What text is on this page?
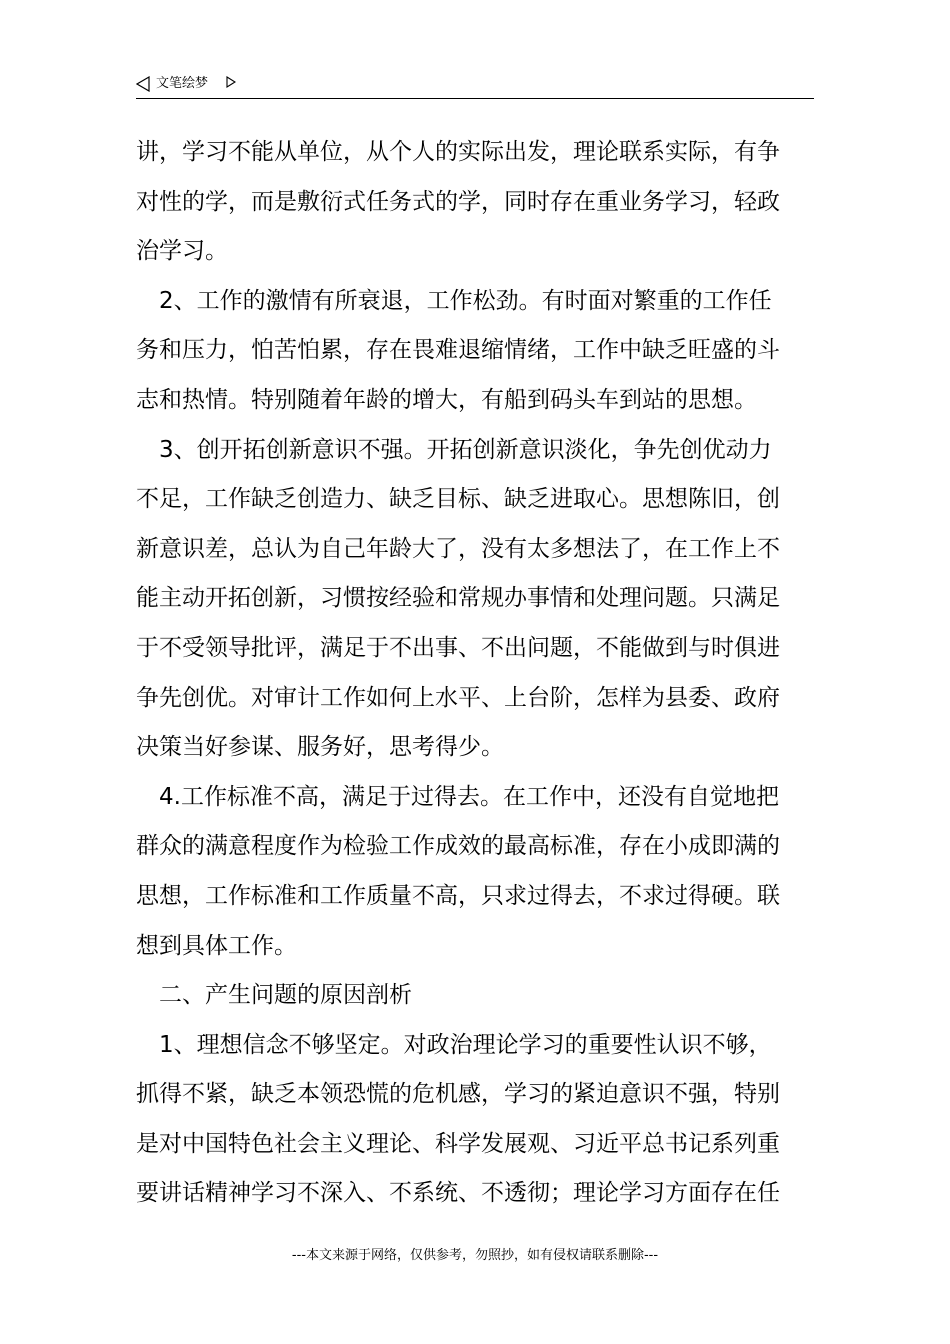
文笔绘梦
讲，学习不能从单位，从个人的实际出发，理论联系实际，有争
对性的学，而是敷衍式任务式的学，同时存在重业务学习，轻政
治学习。
　2、工作的激情有所衰退，工作松劲。有时面对繁重的工作任
务和压力，怕苦怕累，存在畏难退缩情绪，工作中缺乏旺盛的斗
志和热情。特别随着年龄的增大，有船到码头车到站的思想。
　3、创开拓创新意识不强。开拓创新意识淡化，争先创优动力
不足，工作缺乏创造力、缺乏目标、缺乏进取心。思想陈旧，创
新意识差，总认为自己年龄大了，没有太多想法了，在工作上不
能主动开拓创新，习惯按经验和常规办事情和处理问题。只满足
于不受领导批评，满足于不出事、不出问题，不能做到与时俱进
争先创优。对审计工作如何上水平、上台阶，怎样为县委、政府
决策当好参谋、服务好，思考得少。
　4.工作标准不高，满足于过得去。在工作中，还没有自觉地把
群众的满意程度作为检验工作成效的最高标准，存在小成即满的
思想，工作标准和工作质量不高，只求过得去，不求过得硬。联
想到具体工作。
　二、产生问题的原因剖析
　1、理想信念不够坚定。对政治理论学习的重要性认识不够，
抓得不紧，缺乏本领恐慌的危机感，学习的紧迫意识不强，特别
是对中国特色社会主义理论、科学发展观、习近平总书记系列重
要讲话精神学习不深入、不系统、不透彻；理论学习方面存在任
---本文来源于网络，仅供参考，勿照抄，如有侵权请联系删除---
